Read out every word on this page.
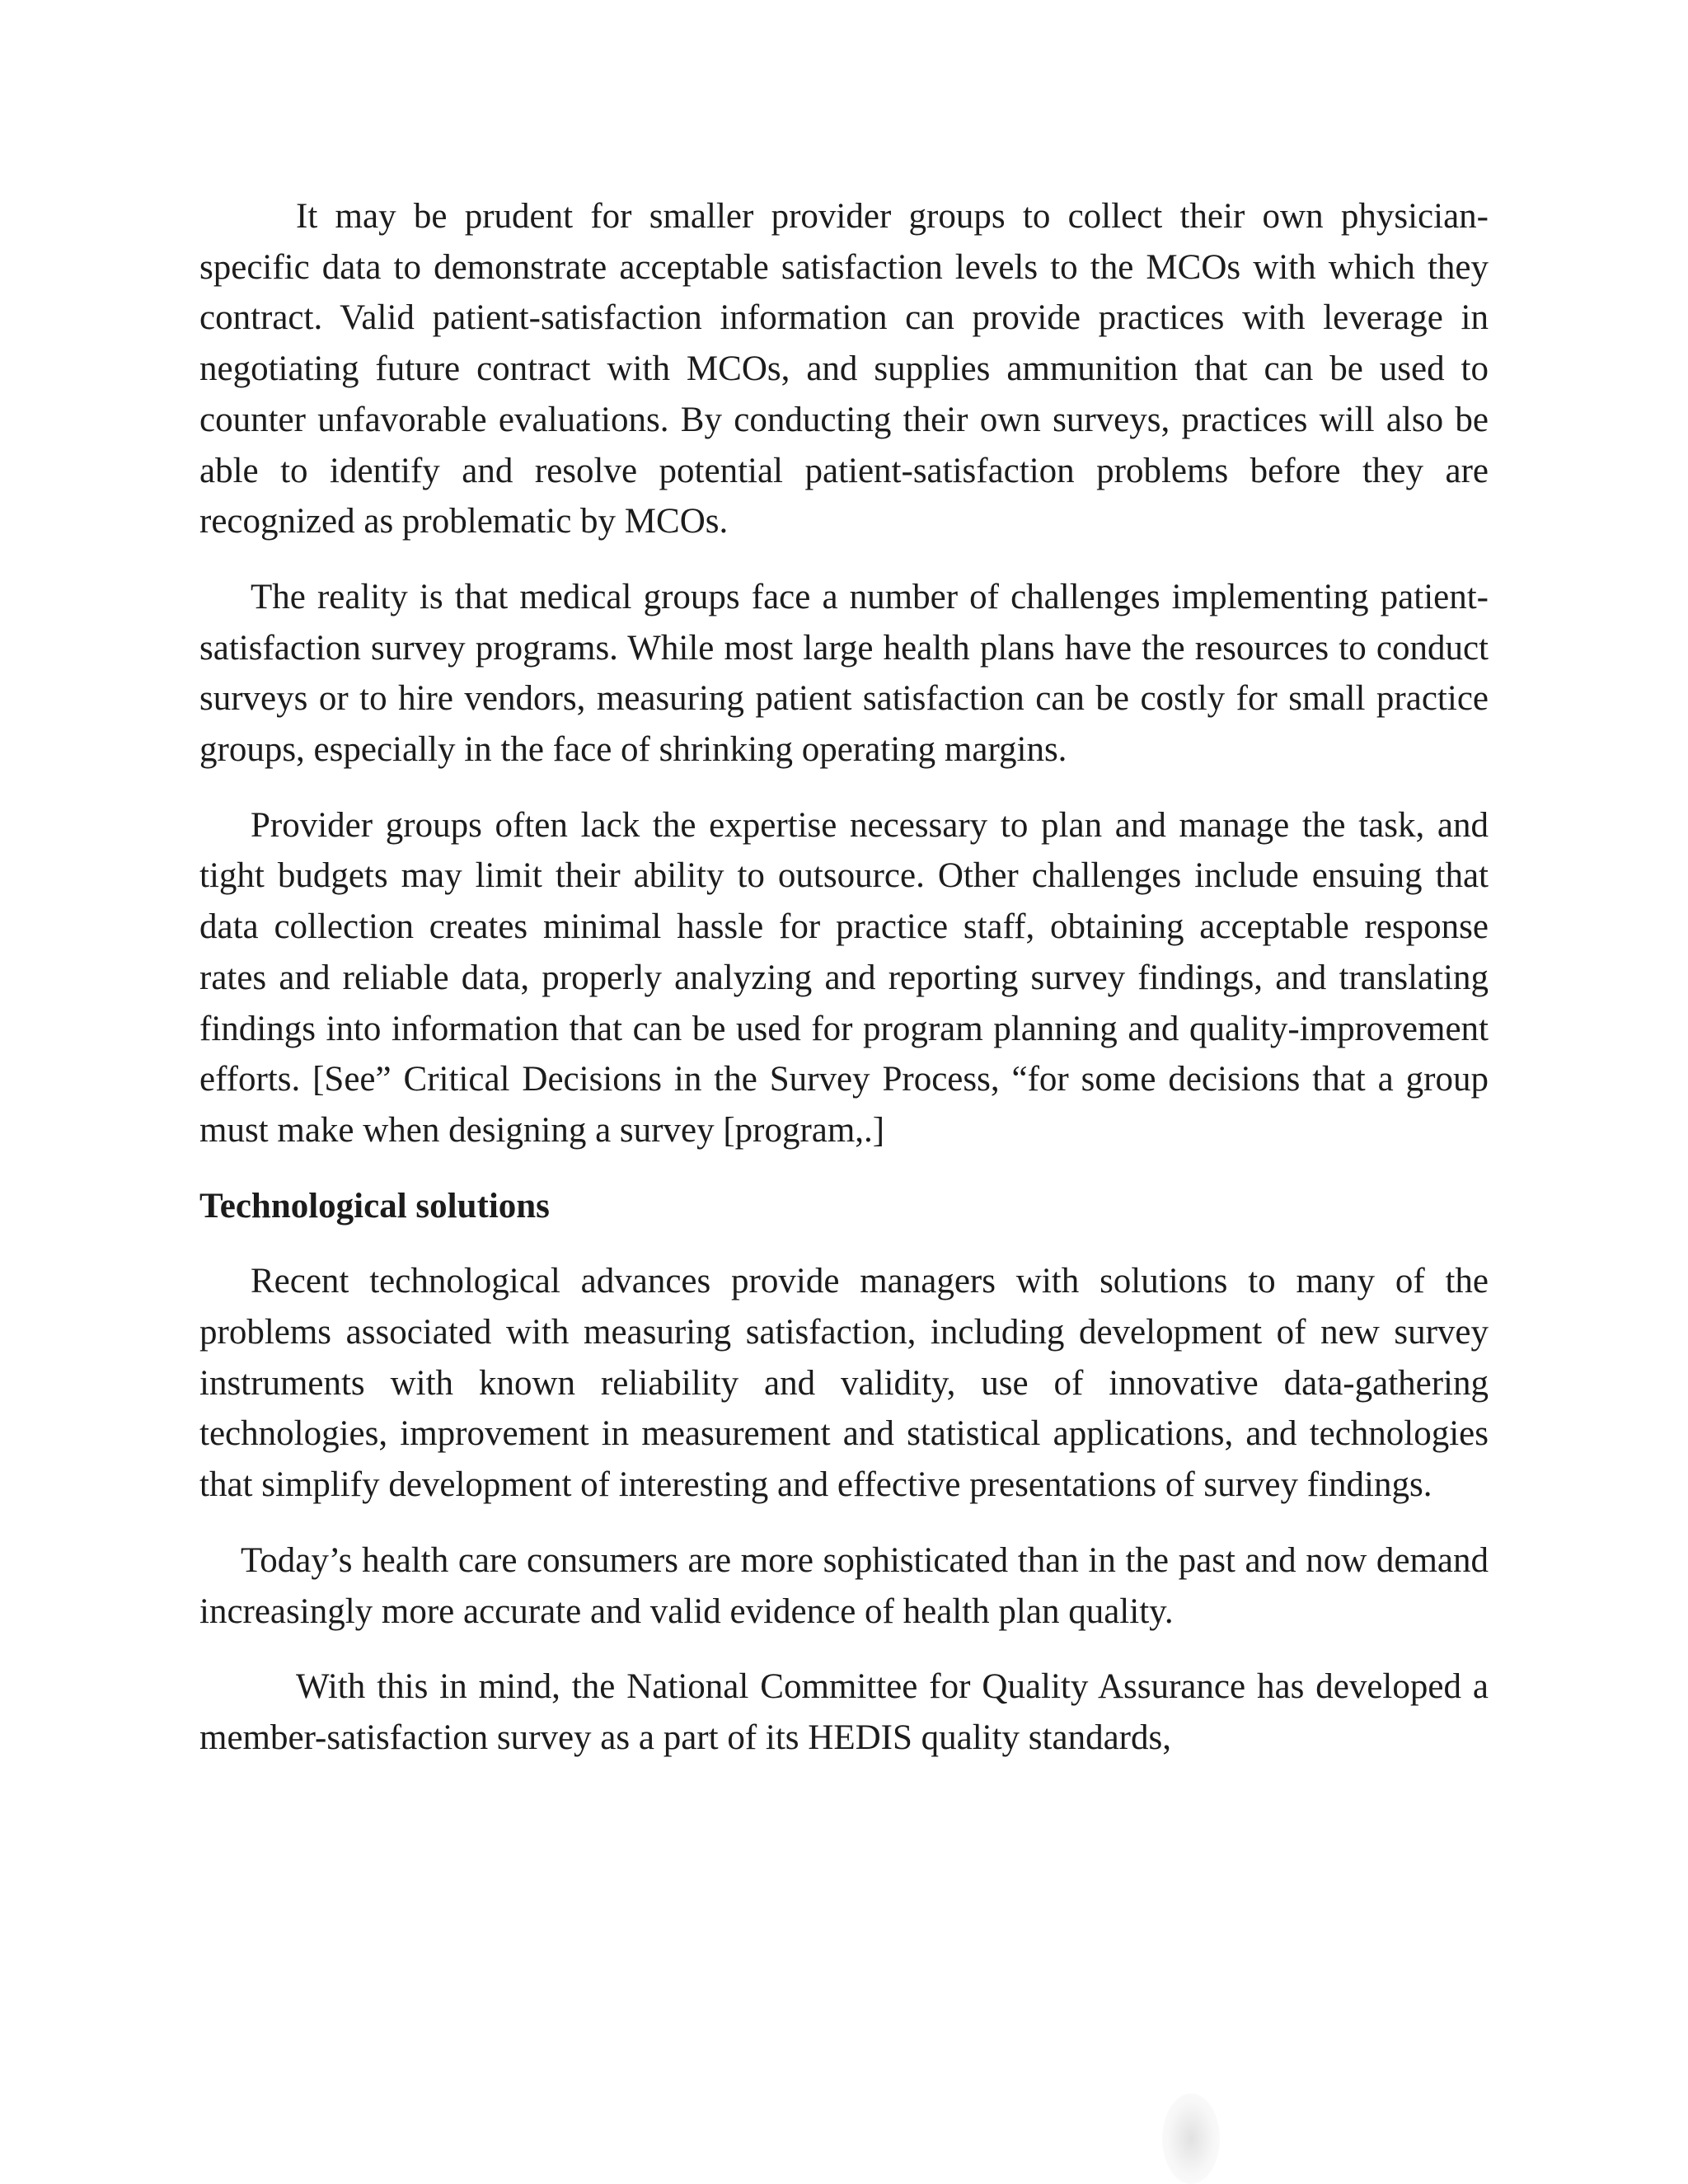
It may be prudent for smaller provider groups to collect their own physician-specific data to demonstrate acceptable satisfaction levels to the MCOs with which they contract. Valid patient-satisfaction information can provide practices with leverage in negotiating future contract with MCOs, and supplies ammunition that can be used to counter unfavorable evaluations. By conducting their own surveys, practices will also be able to identify and resolve potential patient-satisfaction problems before they are recognized as problematic by MCOs.

The reality is that medical groups face a number of challenges implementing patient-satisfaction survey programs. While most large health plans have the resources to conduct surveys or to hire vendors, measuring patient satisfaction can be costly for small practice groups, especially in the face of shrinking operating margins.

Provider groups often lack the expertise necessary to plan and manage the task, and tight budgets may limit their ability to outsource. Other challenges include ensuing that data collection creates minimal hassle for practice staff, obtaining acceptable response rates and reliable data, properly analyzing and reporting survey findings, and translating findings into information that can be used for program planning and quality-improvement efforts. [See” Critical Decisions in the Survey Process, “for some decisions that a group must make when designing a survey [program,.]

Technological solutions

Recent technological advances provide managers with solutions to many of the problems associated with measuring satisfaction, including development of new survey instruments with known reliability and validity, use of innovative data-gathering technologies, improvement in measurement and statistical applications, and technologies that simplify development of interesting and effective presentations of survey findings.

Today’s health care consumers are more sophisticated than in the past and now demand increasingly more accurate and valid evidence of health plan quality.

With this in mind, the National Committee for Quality Assurance has developed a member-satisfaction survey as a part of its HEDIS quality standards,
